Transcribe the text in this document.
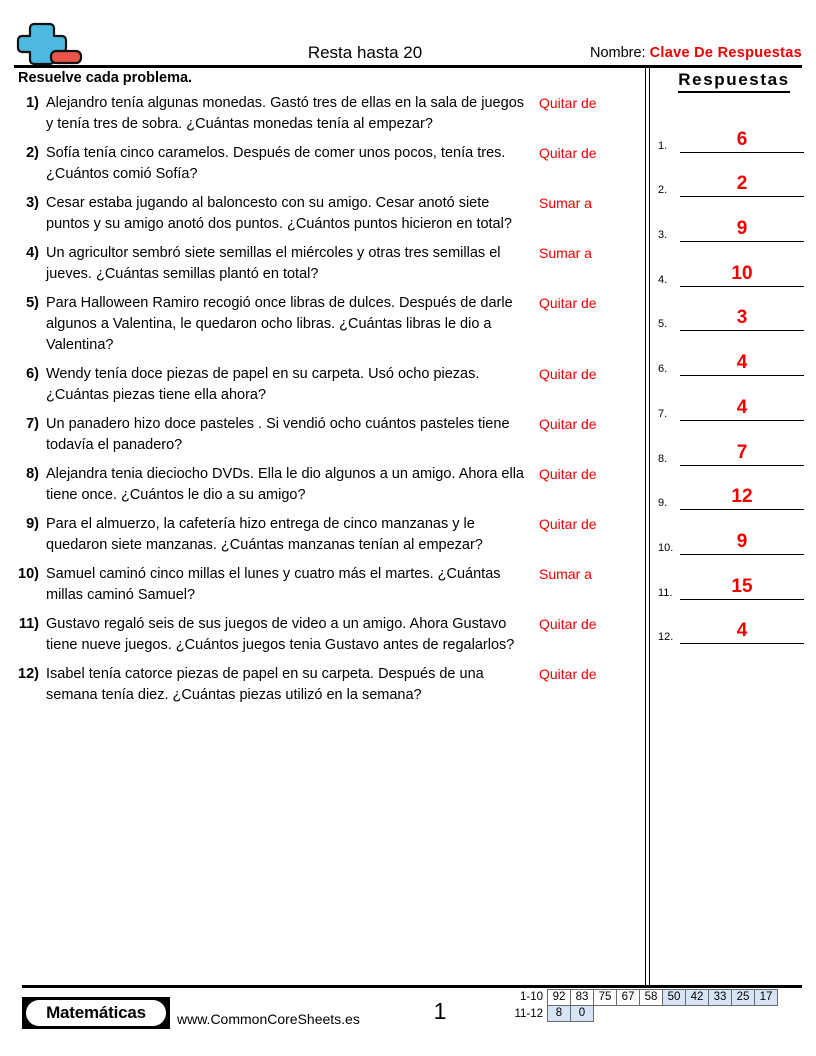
Resta hasta 20	Nombre: Clave De Respuestas
Resuelve cada problema.
1) Alejandro tenía algunas monedas. Gastó tres de ellas en la sala de juegos y tenía tres de sobra. ¿Cuántas monedas tenía al empezar?
Quitar de
2) Sofía tenía cinco caramelos. Después de comer unos pocos, tenía tres. ¿Cuántos comió Sofía?
Quitar de
3) Cesar estaba jugando al baloncesto con su amigo. Cesar anotó siete puntos y su amigo anotó dos puntos. ¿Cuántos puntos hicieron en total?
Sumar a
4) Un agricultor sembró siete semillas el miércoles y otras tres semillas el jueves. ¿Cuántas semillas plantó en total?
Sumar a
5) Para Halloween Ramiro recogió once libras de dulces. Después de darle algunos a Valentina, le quedaron ocho libras. ¿Cuántas libras le dio a Valentina?
Quitar de
6) Wendy tenía doce piezas de papel en su carpeta. Usó ocho piezas. ¿Cuántas piezas tiene ella ahora?
Quitar de
7) Un panadero hizo doce pasteles . Si vendió ocho cuántos pasteles tiene todavía el panadero?
Quitar de
8) Alejandra tenia dieciocho DVDs. Ella le dio algunos a un amigo. Ahora ella tiene once. ¿Cuántos le dio a su amigo?
Quitar de
9) Para el almuerzo, la cafetería hizo entrega de cinco manzanas y le quedaron siete manzanas. ¿Cuántas manzanas tenían al empezar?
Quitar de
10) Samuel caminó cinco millas el lunes y cuatro más el martes. ¿Cuántas millas caminó Samuel?
Sumar a
11) Gustavo regaló seis de sus juegos de video a un amigo. Ahora Gustavo tiene nueve juegos. ¿Cuántos juegos tenia Gustavo antes de regalarlos?
Quitar de
12) Isabel tenía catorce piezas de papel en su carpeta. Después de una semana tenía diez. ¿Cuántas piezas utilizó en la semana?
Quitar de
Respuestas
1.	6
2.	2
3.	9
4.	10
5.	3
6.	4
7.	4
8.	7
9.	12
10.	9
11.	15
12.	4
Matemáticas	www.CommonCoreSheets.es	1
1-10 92 83 75 67 58 50 42 33 25 17
11-12	8	0
